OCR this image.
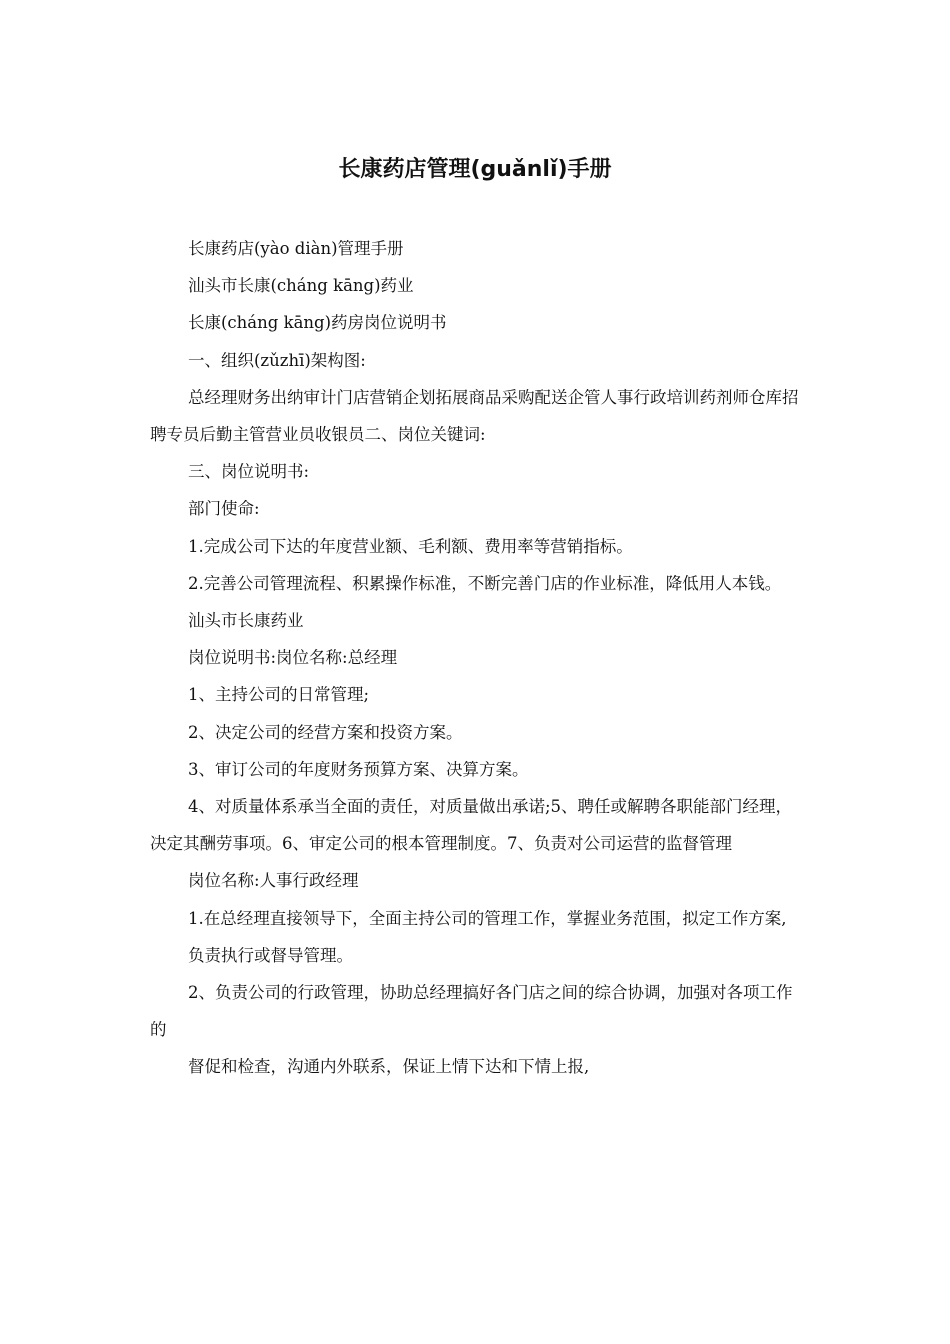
长康药店管理(guǎnlǐ)手册

长康药店(yào diàn)管理手册

汕头市长康(cháng kāng)药业

长康(cháng kāng)药房岗位说明书

一、组织(zǔzhī)架构图:

总经理财务出纳审计门店营销企划拓展商品采购配送企管人事行政培训药剂师仓库招聘专员后勤主管营业员收银员二、岗位关键词:

三、岗位说明书:

部门使命:

1.完成公司下达的年度营业额、毛利额、费用率等营销指标。

2.完善公司管理流程、积累操作标准，不断完善门店的作业标准，降低用人本钱。

汕头市长康药业

岗位说明书:岗位名称:总经理

1、主持公司的日常管理;

2、决定公司的经营方案和投资方案。

3、审订公司的年度财务预算方案、决算方案。

4、对质量体系承当全面的责任，对质量做出承诺;5、聘任或解聘各职能部门经理，决定其酬劳事项。6、审定公司的根本管理制度。7、负责对公司运营的监督管理

岗位名称:人事行政经理

1.在总经理直接领导下，全面主持公司的管理工作，掌握业务范围，拟定工作方案,

负责执行或督导管理。

2、负责公司的行政管理，协助总经理搞好各门店之间的综合协调，加强对各项工作的

督促和检查，沟通内外联系，保证上情下达和下情上报,
